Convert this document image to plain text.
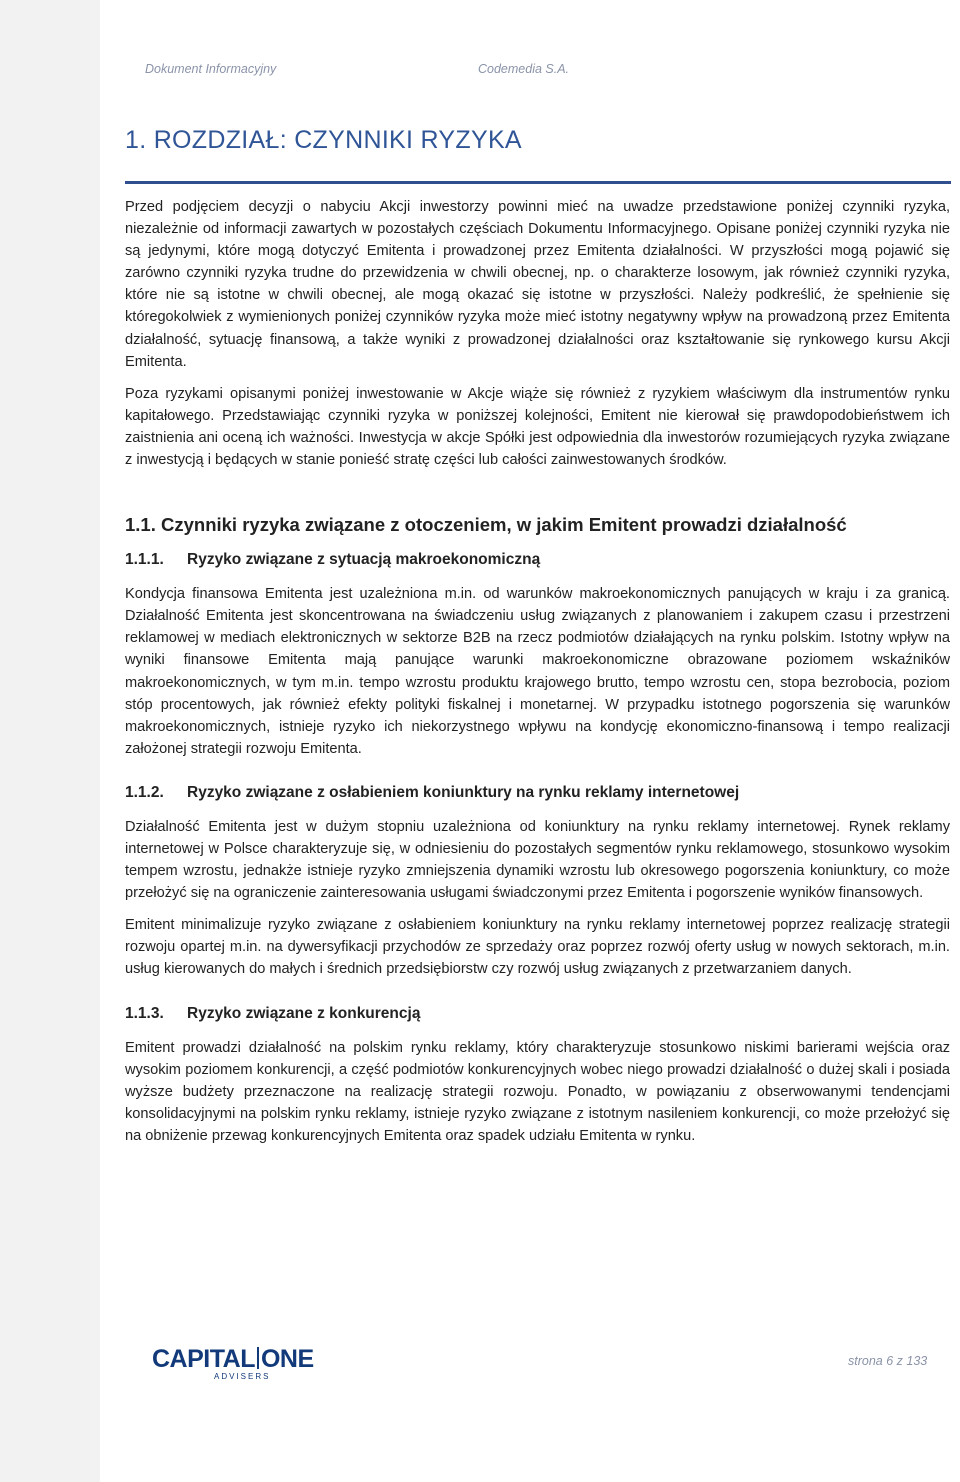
Dokument Informacyjny	Codemedia S.A.
1. ROZDZIAŁ: CZYNNIKI RYZYKA

Przed podjęciem decyzji o nabyciu Akcji inwestorzy powinni mieć na uwadze przedstawione poniżej czynniki ryzyka, niezależnie od informacji zawartych w pozostałych częściach Dokumentu Informacyjnego. Opisane poniżej czynniki ryzyka nie są jedynymi, które mogą dotyczyć Emitenta i prowadzonej przez Emitenta działalności. W przyszłości mogą pojawić się zarówno czynniki ryzyka trudne do przewidzenia w chwili obecnej, np. o charakterze losowym, jak również czynniki ryzyka, które nie są istotne w chwili obecnej, ale mogą okazać się istotne w przyszłości. Należy podkreślić, że spełnienie się któregokolwiek z wymienionych poniżej czynników ryzyka może mieć istotny negatywny wpływ na prowadzoną przez Emitenta działalność, sytuację finansową, a także wyniki z prowadzonej działalności oraz kształtowanie się rynkowego kursu Akcji Emitenta.

Poza ryzykami opisanymi poniżej inwestowanie w Akcje wiąże się również z ryzykiem właściwym dla instrumentów rynku kapitałowego. Przedstawiając czynniki ryzyka w poniższej kolejności, Emitent nie kierował się prawdopodobieństwem ich zaistnienia ani oceną ich ważności. Inwestycja w akcje Spółki jest odpowiednia dla inwestorów rozumiejących ryzyka związane z inwestycją i będących w stanie ponieść stratę części lub całości zainwestowanych środków.

1.1. Czynniki ryzyka związane z otoczeniem, w jakim Emitent prowadzi działalność
1.1.1. Ryzyko związane z sytuacją makroekonomiczną

Kondycja finansowa Emitenta jest uzależniona m.in. od warunków makroekonomicznych panujących w kraju i za granicą. Działalność Emitenta jest skoncentrowana na świadczeniu usług związanych z planowaniem i zakupem czasu i przestrzeni reklamowej w mediach elektronicznych w sektorze B2B na rzecz podmiotów działających na rynku polskim. Istotny wpływ na wyniki finansowe Emitenta mają panujące warunki makroekonomiczne obrazowane poziomem wskaźników makroekonomicznych, w tym m.in. tempo wzrostu produktu krajowego brutto, tempo wzrostu cen, stopa bezrobocia, poziom stóp procentowych, jak również efekty polityki fiskalnej i monetarnej. W przypadku istotnego pogorszenia się warunków makroekonomicznych, istnieje ryzyko ich niekorzystnego wpływu na kondycję ekonomiczno-finansową i tempo realizacji założonej strategii rozwoju Emitenta.

1.1.2. Ryzyko związane z osłabieniem koniunktury na rynku reklamy internetowej

Działalność Emitenta jest w dużym stopniu uzależniona od koniunktury na rynku reklamy internetowej. Rynek reklamy internetowej w Polsce charakteryzuje się, w odniesieniu do pozostałych segmentów rynku reklamowego, stosunkowo wysokim tempem wzrostu, jednakże istnieje ryzyko zmniejszenia dynamiki wzrostu lub okresowego pogorszenia koniunktury, co może przełożyć się na ograniczenie zainteresowania usługami świadczonymi przez Emitenta i pogorszenie wyników finansowych.

Emitent minimalizuje ryzyko związane z osłabieniem koniunktury na rynku reklamy internetowej poprzez realizację strategii rozwoju opartej m.in. na dywersyfikacji przychodów ze sprzedaży oraz poprzez rozwój oferty usług w nowych sektorach, m.in. usług kierowanych do małych i średnich przedsiębiorstw czy rozwój usług związanych z przetwarzaniem danych.

1.1.3. Ryzyko związane z konkurencją

Emitent prowadzi działalność na polskim rynku reklamy, który charakteryzuje stosunkowo niskimi barierami wejścia oraz wysokim poziomem konkurencji, a część podmiotów konkurencyjnych wobec niego prowadzi działalność o dużej skali i posiada wyższe budżety przeznaczone na realizację strategii rozwoju. Ponadto, w powiązaniu z obserwowanymi tendencjami konsolidacyjnymi na polskim rynku reklamy, istnieje ryzyko związane z istotnym nasileniem konkurencji, co może przełożyć się na obniżenie przewag konkurencyjnych Emitenta oraz spadek udziału Emitenta w rynku.

CAPITAL ONE
ADVISERS
strona 6 z 133
